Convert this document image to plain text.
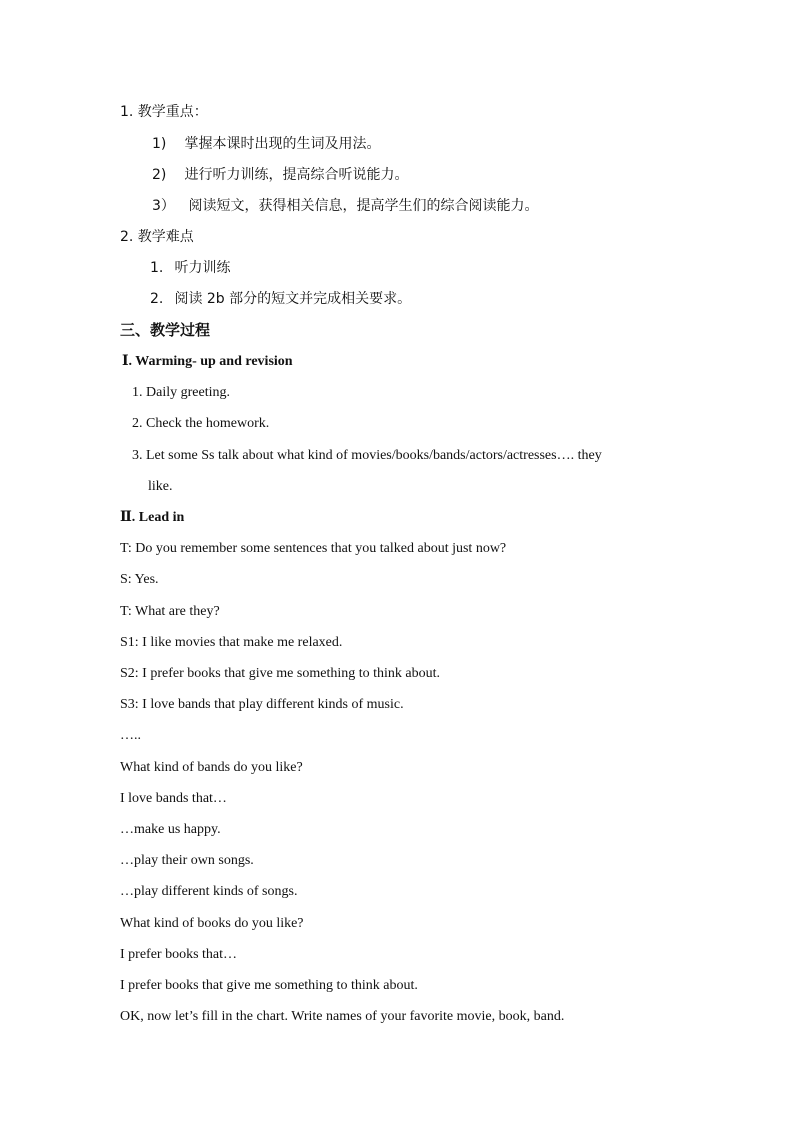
1. 教学重点：
1) 掌握本课时出现的生词及用法。
2) 进行听力训练，提高综合听说能力。
3） 阅读短文，获得相关信息，提高学生们的综合阅读能力。
2. 教学难点
1. 听力训练
2. 阅读 2b 部分的短文并完成相关要求。
三、教学过程
Ⅰ. Warming- up and revision
1. Daily greeting.
2. Check the homework.
3. Let some Ss talk about what kind of movies/books/bands/actors/actresses…. they
like.
Ⅱ. Lead in
T: Do you remember some sentences that you talked about just now?
S: Yes.
T: What are they?
S1: I like movies that make me relaxed.
S2: I prefer books that give me something to think about.
S3: I love bands that play different kinds of music.
…..
What kind of bands do you like?
I love bands that…
…make us happy.
…play their own songs.
…play different kinds of songs.
What kind of books do you like?
I prefer books that…
I prefer books that give me something to think about.
OK, now let’s fill in the chart. Write names of your favorite movie, book, band.
